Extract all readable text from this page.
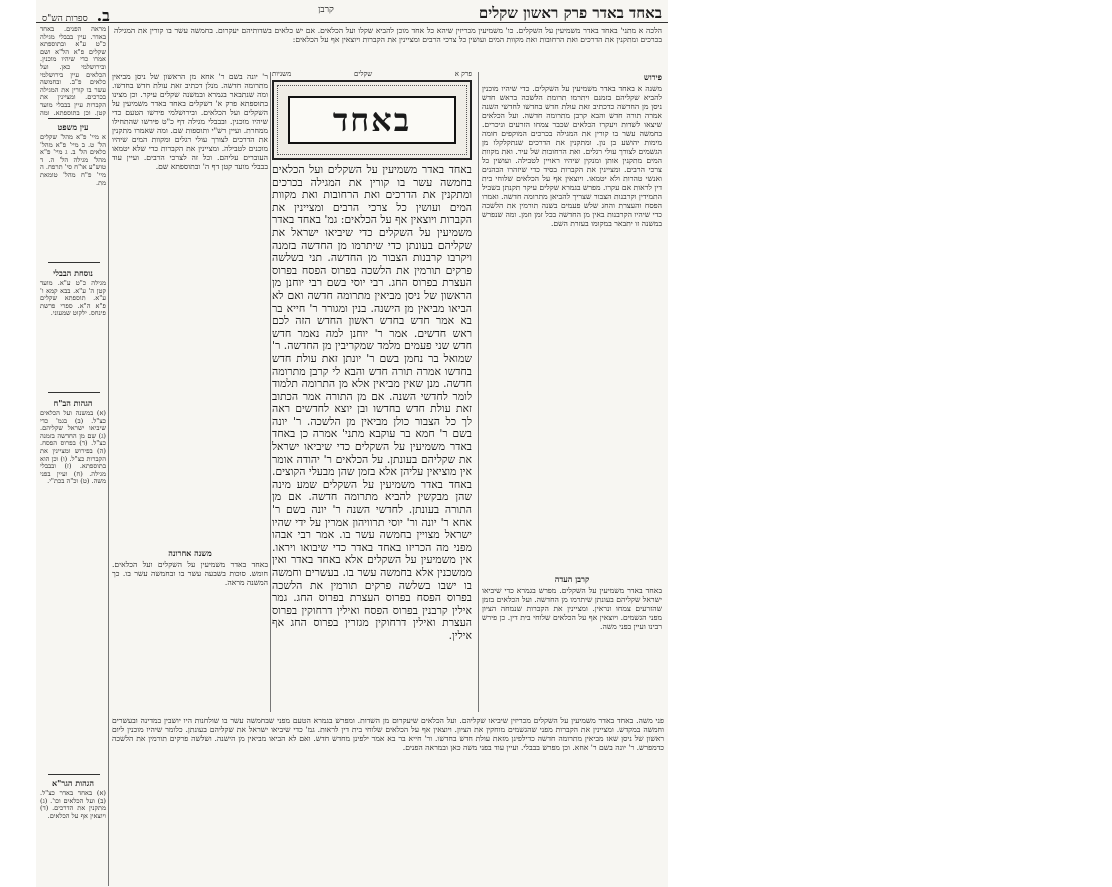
באחד באדר פרק ראשון שקלים
קרבן
ב. ספרות הש"ס
הלכה א מתני' באחד באדר משמיעין על השקלים. כו' משמיעין מכריזין שיהא כל אחד מוכן להביא שקלו ועל הכלאים. אם יש כלאים בשדותיהם יעקרום. בחמשה עשר בו קורין את המגילה בכרכים ומתקנין את הדרכים ואת הרחובות ואת מקוות המים ועושין כל צרכי הרבים ומציינין את הקברות ויוצאין אף על הכלאים:
מראה הפנים. באחד באדר. עיין בבבלי מגילה כ"ט ע"א ובתוספתא שקלים פ"א הל"א ושם אמרו כדי שיהיו מוכנין. ובירושלמי כאן. ועל הכלאים עיין בירושלמי כלאים פ"ב. ובחמשה עשר בו קורין את המגילה בכרכים. ומציינין את הקברות עיין בבבלי מועד קטן. וכן בתוספתא. ומה
עין משפט
א מיי' פ"א מהל' שקלים הל' ט. ב מיי' פ"א מהל' כלאים הל' ב. ג מיי' פ"א מהל' מגילה הל' ה. ד טוש"ע או"ח סי' תרפח. ה מיי' פ"ח מהל' טומאת מת.
נוסחת הבבלי
מגילה כ"ט ע"א. מועד קטן ה' ע"א. בבא קמא ו' ע"א. תוספתא שקלים פ"א ה"א. ספרי פרשת פינחס. ילקוט שמעוני.
הגהות הב"ח
(א) במשנה ועל הכלאים כצ"ל. (ב) בגמ' כדי שיביאו ישראל שקליהם. (ג) שם מן החדשה בזמנה כצ"ל. (ד) בפרוס הפסח. (ה) בפירוש ומציינין את הקברות כצ"ל. (ו) וכן הוא בתוספתא. (ז) ובבבלי מגילה. (ח) ועיין בפני משה. (ט) וכ"ה בכת"י.
הגהות הגר"א
(א) באחד באדר כצ"ל. (ב) ועל הכלאים וכו'. (ג) מתקנין את הדרכים. (ד) ויוצאין אף על הכלאים.
ר' יונה בשם ר' אחא מן הראשון של ניסן מביאין מתרומה חדשה. מנלן דכתיב זאת עולת חדש בחדשו. ומה שנתבאר בגמרא ובמשנה שקלים עיקר. וכן מצינו בתוספתא פרק א' דשקלים באחד באדר משמיעין על השקלים ועל הכלאים. ובירושלמי פירשו הטעם כדי שיהיו מוכנין. ובבבלי מגילה דף כ"ט פירשו שהתחילו ממחרת. ועיין רש"י ותוספות שם. ומה שאמרו מתקנין את הדרכים לצורך עולי רגלים ומקוות המים שיהיו מוכנים לטבילה. ומציינין את הקברות כדי שלא יטמאו העוברים עליהם. וכל זה לצרכי הרבים. ועיין עוד בבבלי מועד קטן דף ה' ובתוספתא שם.
משנה אחרונה
באחד באדר משמיעין על השקלים ועל הכלאים. חומש. סוכות בשבעה עשר בו ובחמשה עשר בו. כך המשנה מראה.
פרק א
שקלים
משניות
באחד
באחד באדר משמיעין על השקלים ועל הכלאים בחמשה עשר בו קורין את המגילה בכרכים ומתקנין את הדרכים ואת הרחובות ואת מקוות המים ועושין כל צרכי הרבים ומציינין את הקברות ויוצאין אף על הכלאים: גמ' באחד באדר משמיעין על השקלים כדי שיביאו ישראל את שקליהם בעונתן כדי שיתרמו מן החדשה בזמנה ויקרבו קרבנות הצבור מן החדשה. תני בשלשה פרקים תורמין את הלשכה בפרוס הפסח בפרוס העצרת בפרוס החג. רבי יוסי בשם רבי יוחנן מן הראשון של ניסן מביאין מתרומה חדשה ואם לא הביאו מביאין מן הישנה. בנין ומגורר ר' חייא בר בא אמר חדש בחדש ראשון החדש הזה לכם ראש חדשים. אמר ר' יוחנן למה נאמר חדש חדש שני פעמים מלמד שמקריבין מן החדשה. ר' שמואל בר נחמן בשם ר' יונתן זאת עולת חדש בחדשו אמרה תורה חדש והבא לי קרבן מתרומה חדשה. מנן שאין מביאין אלא מן התרומה תלמוד לומר לחדשי השנה. אם מן התורה אמר הכתוב זאת עולת חדש בחדשו ובן יוצא לחדשים ראה לך כל הצבור כולן מביאין מן הלשכה. ר' יונה בשם ר' חמא בר עוקבא מתני' אמרה כן באחד באדר משמיעין על השקלים כדי שיביאו ישראל את שקליהם בעונתן. על הכלאים ר' יהודה אומר אין מוציאין עליהן אלא בזמן שהן מבעלי הקוצים. באחד באדר משמיעין על השקלים שמע מינה שהן מבקשין להביא מתרומה חדשה. אם מן התורה בעונתן. לחדשי השנה ר' יונה בשם ר' אחא ר' יונה ור' יוסי תרוויהון אמרין על ידי שהיו ישראל מצויין בחמשה עשר בו. אמר רבי אבהו מפני מה הכריזו באחד באדר כדי שיבואו ויראו. אין משמיעין על השקלים אלא באחד באדר ואין ממשכנין אלא בחמשה עשר בו. בעשרים וחמשה בו ישבו בשלשה פרקים תורמין את הלשכה בפרוס הפסח בפרוס העצרת בפרוס החג. גמר אילין קרבנין בפרוס הפסח ואילין דרחוקין בפרוס העצרת ואילין דרחוקין מגזרין בפרוס החג אף אילין.
פירוש
משנה א באחד באדר משמיעין על השקלים. כדי שיהיו מוכנין להביא שקליהם בזמנם ויתרמו תרומת הלשכה בראש חדש ניסן מן החדשה כדכתיב זאת עולת חדש בחדשו לחדשי השנה אמרה תורה חדש והבא קרבן מתרומה חדשה. ועל הכלאים שיצאו לשדות ויעקרו הכלאים שכבר צמחו הזרעים וניכרים. בחמשה עשר בו קורין את המגילה בכרכים המוקפים חומה מימות יהושע בן נון. ומתקנין את הדרכים שנתקלקלו מן הגשמים לצורך עולי רגלים. ואת הרחובות של עיר. ואת מקוות המים מתקנין אותן ומנקין שיהיו ראויין לטבילה. ועושין כל צרכי הרבים. ומציינין את הקברות בסיד כדי שיזהרו הכהנים ואנשי טהרות ולא יטמאו. ויוצאין אף על הכלאים שלוחי בית דין לראות אם עקרו. מפרש בגמרא שקלים עיקר תקנתן בשביל התמידין וקרבנות הצבור שצריך להביאן מתרומה חדשה. ואמרו הפסח והעצרת והחג שלש פעמים בשנה תורמין את הלשכה כדי שיהיו הקרבנות באין מן החדשה בכל זמן וזמן. ומה שנפרש במשנה זו יתבאר במקומו בעזרת השם.
קרבן העדה
באחד באדר משמיעין על השקלים. מפרש בגמרא כדי שיביאו ישראל שקליהם בעונתן שיתרמו מן החדשה. ועל הכלאים בזמן שהזרעים צמחו ונראין. ומציינין את הקברות שנמחה הציון מפני הגשמים. ויוצאין אף על הכלאים שלוחי בית דין. כן פירש רבינו ועיין בפני משה.
פני משה. באחד באדר משמיעין על השקלים מכריזין שיביאו שקליהם. ועל הכלאים שיעקרום מן השדות. ומפרש בגמרא הטעם מפני שבחמשה עשר בו שולחנות היו יושבין במדינה ובעשרים וחמשה במקדש. ומציינין את הקברות מפני שהגשמים מוחקין את הציון. ויוצאין אף על הכלאים שלוחי בית דין לראות. גמ' כדי שיביאו ישראל את שקליהם בעונתן. כלומר שיהיו מוכנין ליום ראשון של ניסן שאז מביאין מתרומה חדשה כדילפינן מזאת עולת חדש בחדשו. ור' חייא בר בא אמר ילפינן מחדש חדש. ואם לא הביאו מביאין מן הישנה. ושלשה פרקים תורמין את הלשכה כדמפרש. ר' יונה בשם ר' אחא. וכן מפרש בבבלי. ועיין עוד בפני משה כאן ובמראה הפנים.
